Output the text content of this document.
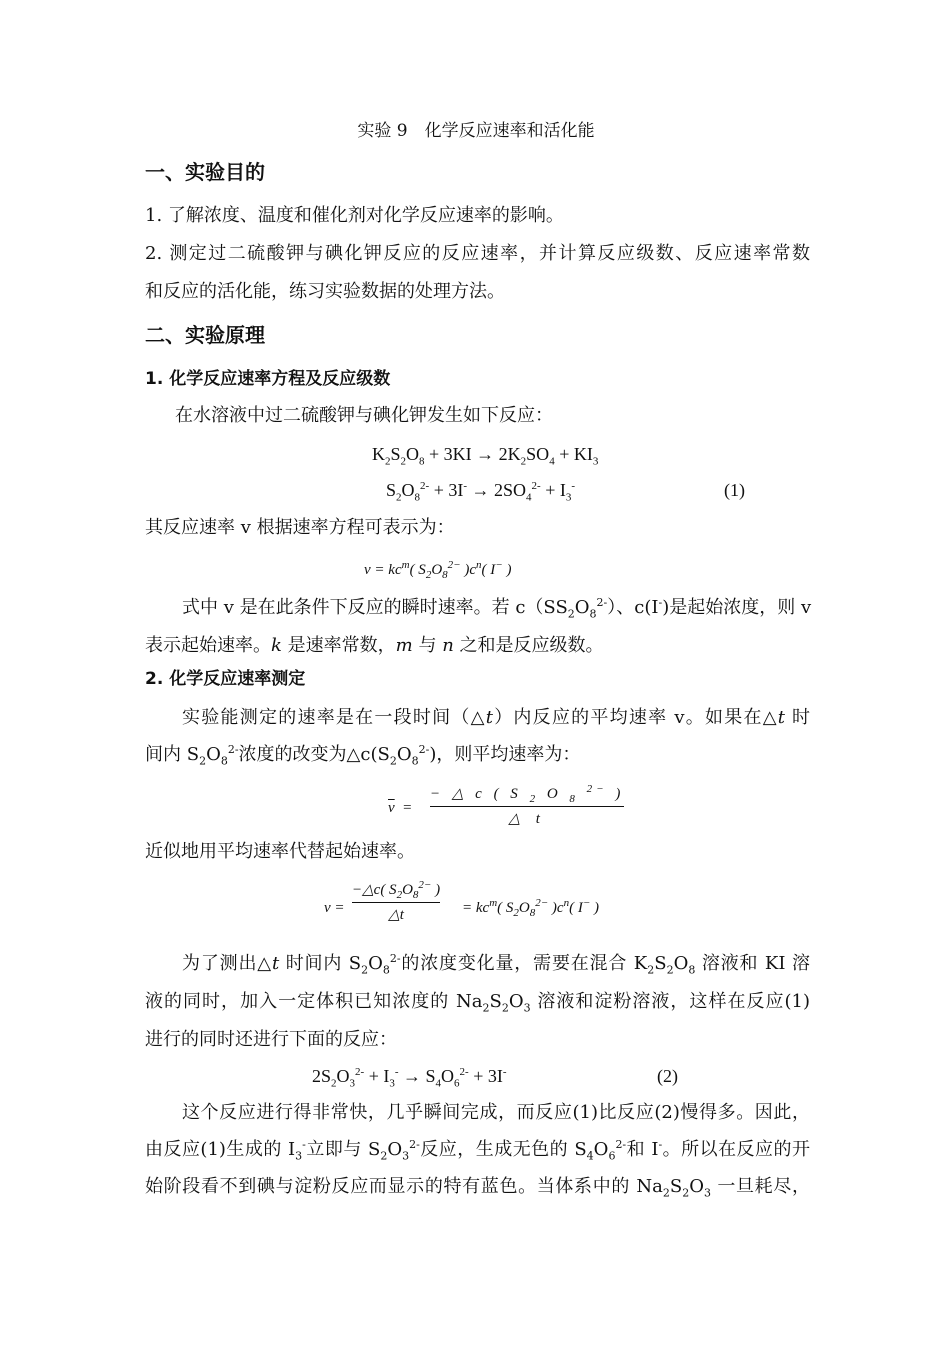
实验 9　化学反应速率和活化能
一、实验目的
1. 了解浓度、温度和催化剂对化学反应速率的影响。
2. 测定过二硫酸钾与碘化钾反应的反应速率，并计算反应级数、反应速率常数
和反应的活化能，练习实验数据的处理方法。
二、实验原理
1. 化学反应速率方程及反应级数
在水溶液中过二硫酸钾与碘化钾发生如下反应：
$K_2S_2O_8 + 3KI \to 2K_2SO_4 + KI_3$
$S_2O_8^{2-} + 3I^- \to 2SO_4^{2-} + I_3^-$	(1)
其反应速率 v 根据速率方程可表示为：
$\nu = kc^m$( $S_2O_8^{2-}$ )$c^n$( I− )
式中 v 是在此条件下反应的瞬时速率。若 $c(SS_2O_8^{2-})$、c(I-)是起始浓度，则 v
表示起始速率。k 是速率常数，m 与 n 之和是反应级数。
2. 化学反应速率测定
实验能测定的速率是在一段时间（△t）内反应的平均速率 v。如果在△t 时
间内 $S_2O_8^{2-}$浓度的改变为$\triangle c(S_2O_8^{2-})$，则平均速率为：
$\overline{\nu}$  =
− △ c ( S $_2$ O $_8$ $^{2-}$ )
△ t
近似地用平均速率代替起始速率。
ν =
−△c( $S_2O_8^{2-}$ )
△t	= $kc^m$( $S_2O_8^{2-}$ )$c^n$( I− )
为了测出△t 时间内 $S_2O_8^{2-}$的浓度变化量，需要在混合 $K_2S_2O_8$ 溶液和 KI 溶
液的同时，加入一定体积已知浓度的 $Na_2S_2O_3$ 溶液和淀粉溶液，这样在反应(1)
进行的同时还进行下面的反应：
$2S_2O_3^{2-} + I_3^- \to S_4O_6^{2-} + 3I^-$	(2)
这个反应进行得非常快，几乎瞬间完成，而反应(1)比反应(2)慢得多。因此，
由反应(1)生成的 $I_3^-$立即与 $S_2O_3^{2-}$反应，生成无色的 $S_4O_6^{2-}$和 I-。所以在反应的开
始阶段看不到碘与淀粉反应而显示的特有蓝色。当体系中的 $Na_2S_2O_3$ 一旦耗尽，
